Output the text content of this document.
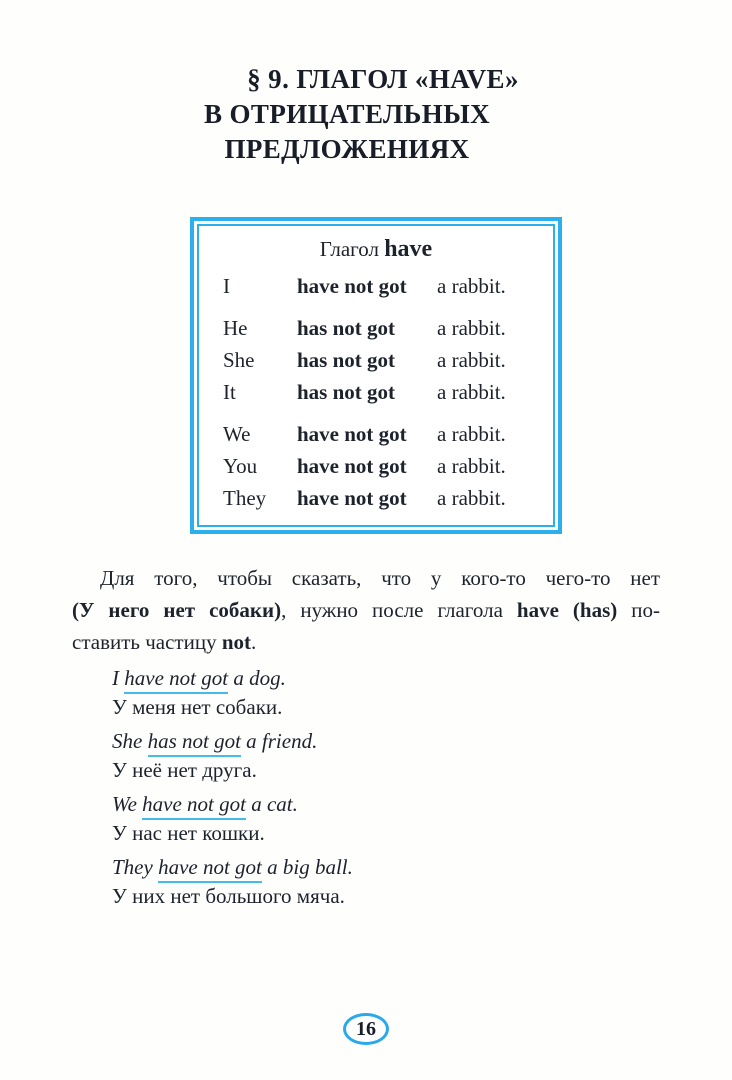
§ 9. ГЛАГОЛ «HAVE»
В ОТРИЦАТЕЛЬНЫХ
ПРЕДЛОЖЕНИЯХ
Глагол have
I	have not got	a rabbit.
He	has not got	a rabbit.
She	has not got	a rabbit.
It	has not got	a rabbit.
We	have not got	a rabbit.
You	have not got	a rabbit.
They	have not got	a rabbit.
Для того, чтобы сказать, что у кого-то чего-то нет
(У него нет собаки), нужно после глагола have (has) по-
ставить частицу not.
I have not got a dog.
У меня нет собаки.
She has not got a friend.
У неё нет друга.
We have not got a cat.
У нас нет кошки.
They have not got a big ball.
У них нет большого мяча.
16
